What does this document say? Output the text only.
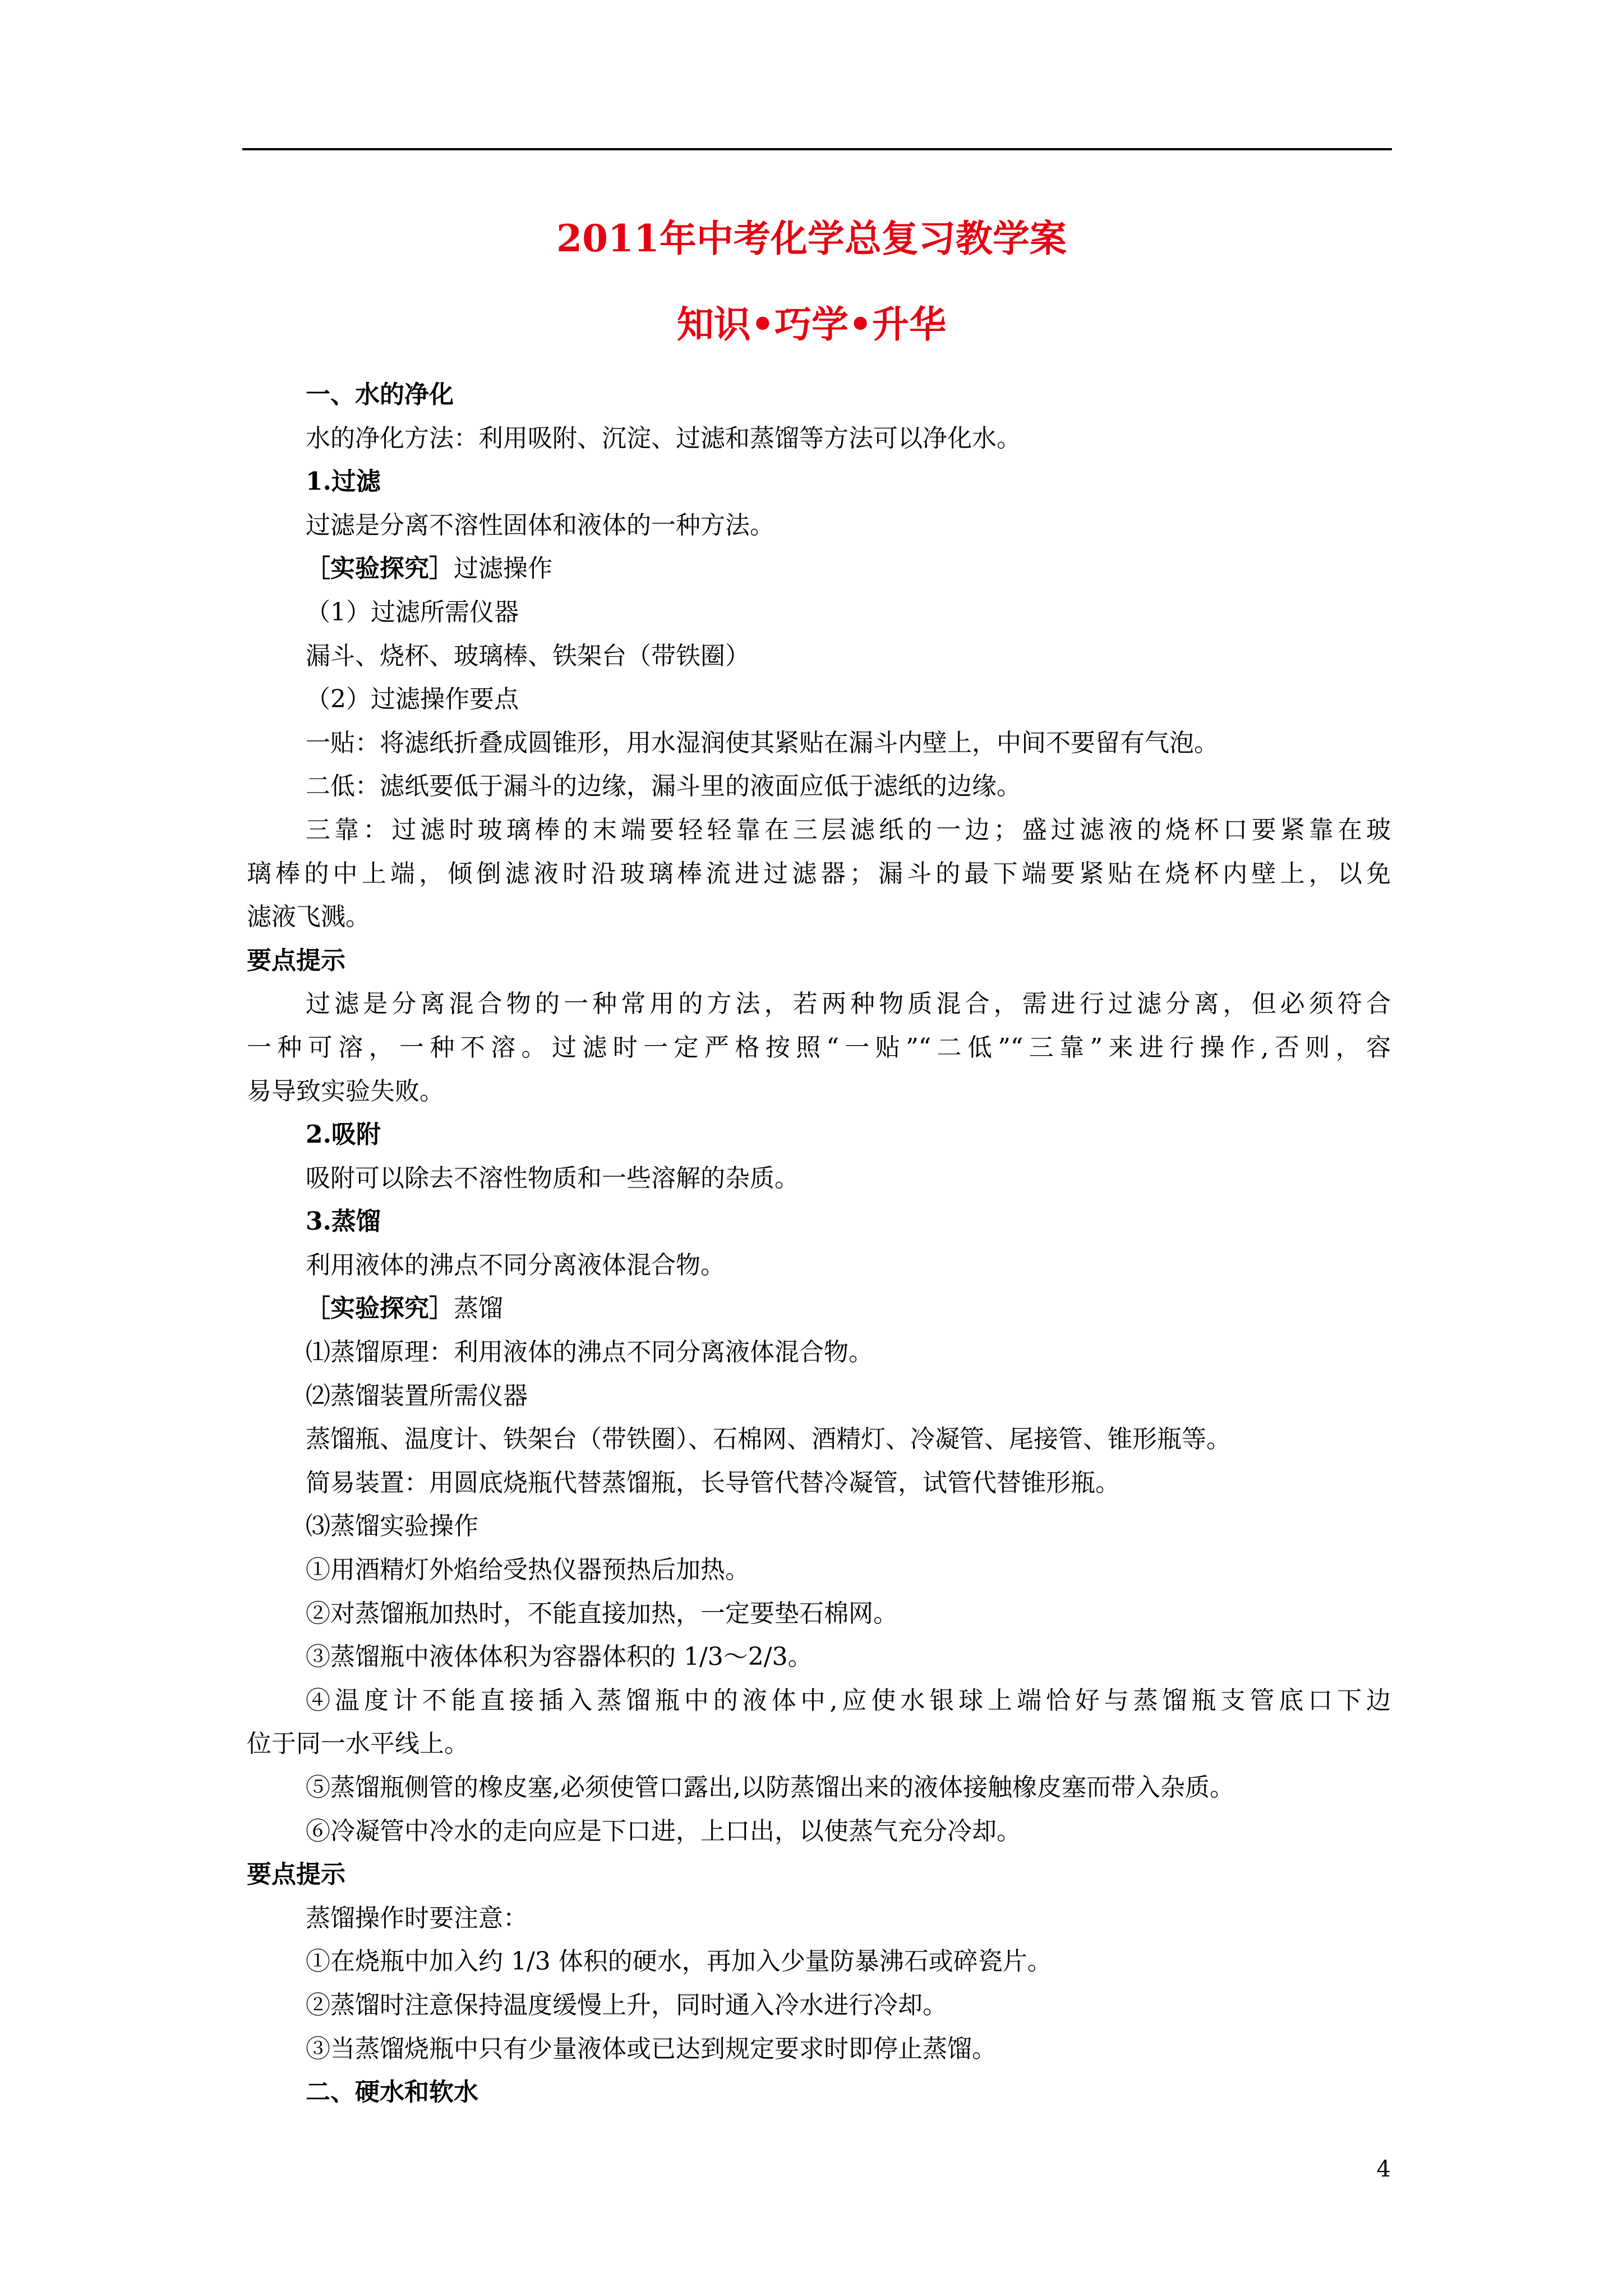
2011年中考化学总复习教学案
知识•巧学•升华
一、水的净化
水的净化方法：利用吸附、沉淀、过滤和蒸馏等方法可以净化水。
1.过滤
过滤是分离不溶性固体和液体的一种方法。
［实验探究］过滤操作
（1）过滤所需仪器
漏斗、烧杯、玻璃棒、铁架台（带铁圈）
（2）过滤操作要点
一贴：将滤纸折叠成圆锥形，用水湿润使其紧贴在漏斗内壁上，中间不要留有气泡。
二低：滤纸要低于漏斗的边缘，漏斗里的液面应低于滤纸的边缘。
三靠：过滤时玻璃棒的末端要轻轻靠在三层滤纸的一边；盛过滤液的烧杯口要紧靠在玻
璃棒的中上端，倾倒滤液时沿玻璃棒流进过滤器；漏斗的最下端要紧贴在烧杯内壁上，以免
滤液飞溅。
要点提示
过滤是分离混合物的一种常用的方法，若两种物质混合，需进行过滤分离，但必须符合
一种可溶，一种不溶。过滤时一定严格按照“一贴”“二低”“三靠”来进行操作,否则，容
易导致实验失败。
2.吸附
吸附可以除去不溶性物质和一些溶解的杂质。
3.蒸馏
利用液体的沸点不同分离液体混合物。
［实验探究］蒸馏
⑴蒸馏原理：利用液体的沸点不同分离液体混合物。
⑵蒸馏装置所需仪器
蒸馏瓶、温度计、铁架台（带铁圈）、石棉网、酒精灯、冷凝管、尾接管、锥形瓶等。
简易装置：用圆底烧瓶代替蒸馏瓶，长导管代替冷凝管，试管代替锥形瓶。
⑶蒸馏实验操作
①用酒精灯外焰给受热仪器预热后加热。
②对蒸馏瓶加热时，不能直接加热，一定要垫石棉网。
③蒸馏瓶中液体体积为容器体积的 1/3～2/3。
④温度计不能直接插入蒸馏瓶中的液体中,应使水银球上端恰好与蒸馏瓶支管底口下边
位于同一水平线上。
⑤蒸馏瓶侧管的橡皮塞,必须使管口露出,以防蒸馏出来的液体接触橡皮塞而带入杂质。
⑥冷凝管中冷水的走向应是下口进，上口出，以使蒸气充分冷却。
要点提示
蒸馏操作时要注意：
①在烧瓶中加入约 1/3 体积的硬水，再加入少量防暴沸石或碎瓷片。
②蒸馏时注意保持温度缓慢上升，同时通入冷水进行冷却。
③当蒸馏烧瓶中只有少量液体或已达到规定要求时即停止蒸馏。
二、硬水和软水
4
